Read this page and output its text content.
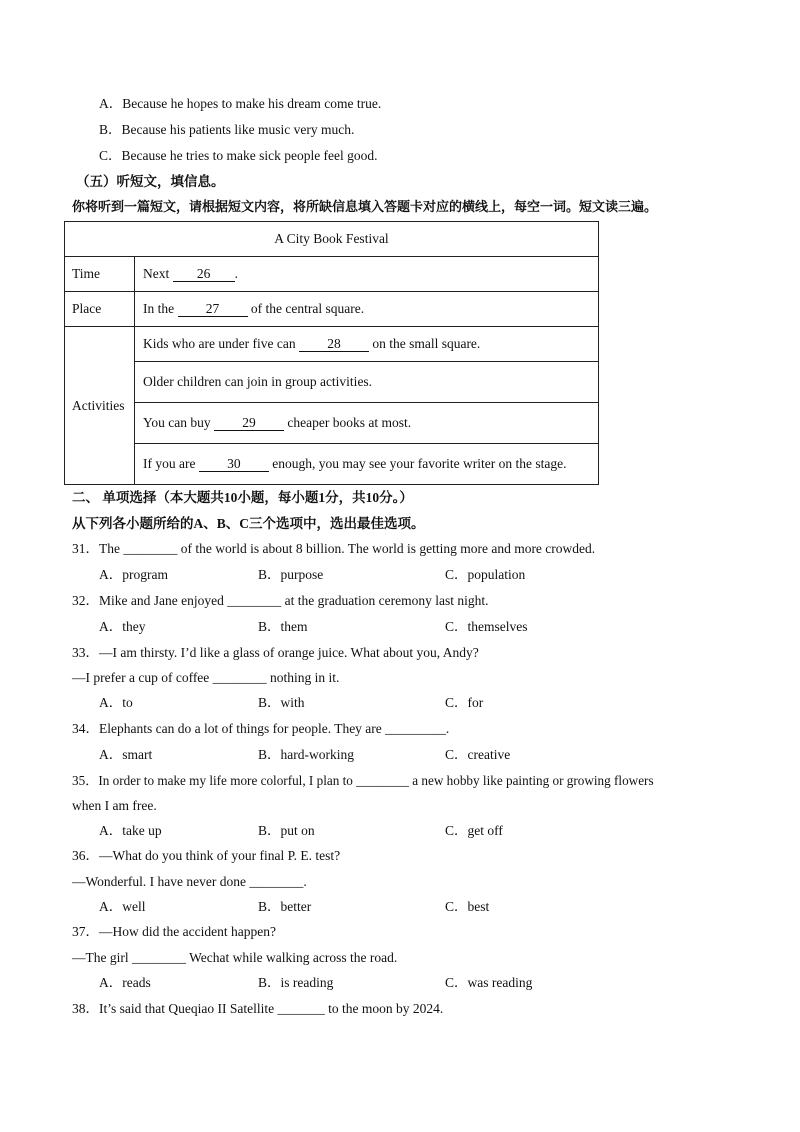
A．Because he hopes to make his dream come true.
B．Because his patients like music very much.
C．Because he tries to make sick people feel good.
（五）听短文，填信息。
你将听到一篇短文，请根据短文内容，将所缺信息填入答题卡对应的横线上，每空一词。短文读三遍。
A City Book Festival	
Time	Next 26 .
Place	In the 27 of the central square.
Activities	Kids who are under five can 28 on the small square.
	Older children can join in group activities.
	You can buy 29 cheaper books at most.
	If you are 30 enough, you may see your favorite writer on the stage.
二、 单项选择（本大题共10小题，每小题1分，共10分。）
从下列各小题所给的A、B、C三个选项中，选出最佳选项。
31．The ________ of the world is about 8 billion. The world is getting more and more crowded.
A．program	B．purpose	C．population
32．Mike and Jane enjoyed ________ at the graduation ceremony last night.
A．they	B．them	C．themselves
33．—I am thirsty. I’d like a glass of orange juice. What about you, Andy?
—I prefer a cup of coffee ________ nothing in it.
A．to	B．with	C．for
34．Elephants can do a lot of things for people. They are _________.
A．smart	B．hard-working	C．creative
35．In order to make my life more colorful, I plan to ________ a new hobby like painting or growing flowers
when I am free.
A．take up	B．put on	C．get off
36．—What do you think of your final P. E. test?
—Wonderful. I have never done ________.
A．well	B．better	C．best
37．—How did the accident happen?
—The girl ________ Wechat while walking across the road.
A．reads	B．is reading	C．was reading
38．It’s said that Queqiao II Satellite _______ to the moon by 2024.
